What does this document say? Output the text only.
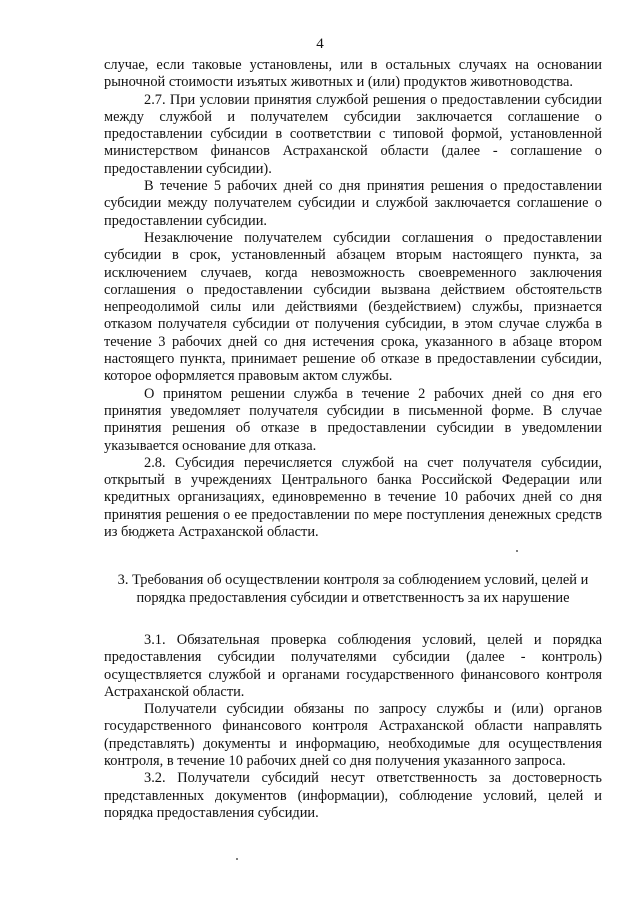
4

случае, если таковые установлены, или в остальных случаях на основании рыночной стоимости изъятых животных и (или) продуктов животноводства.

2.7. При условии принятия службой решения о предоставлении субсидии между службой и получателем субсидии заключается соглашение о предоставлении субсидии в соответствии с типовой формой, установленной министерством финансов Астраханской области (далее - соглашение о предоставлении субсидии).

В течение 5 рабочих дней со дня принятия решения о предоставлении субсидии между получателем субсидии и службой заключается соглашение о предоставлении субсидии.

Незаключение получателем субсидии соглашения о предоставлении субсидии в срок, установленный абзацем вторым настоящего пункта, за исключением случаев, когда невозможность своевременного заключения соглашения о предоставлении субсидии вызвана действием обстоятельств непреодолимой силы или действиями (бездействием) службы, признается отказом получателя субсидии от получения субсидии, в этом случае служба в течение 3 рабочих дней со дня истечения срока, указанного в абзаце втором настоящего пункта, принимает решение об отказе в предоставлении субсидии, которое оформляется правовым актом службы.

О принятом решении служба в течение 2 рабочих дней со дня его принятия уведомляет получателя субсидии в письменной форме. В случае принятия решения об отказе в предоставлении субсидии в уведомлении указывается основание для отказа.

2.8. Субсидия перечисляется службой на счет получателя субсидии, открытый в учреждениях Центрального банка Российской Федерации или кредитных организациях, единовременно в течение 10 рабочих дней со дня принятия решения о ее предоставлении по мере поступления денежных средств из бюджета Астраханской области.

3. Требования об осуществлении контроля за соблюдением условий, целей и порядка предоставления субсидии и ответственностъ за их нарушение

3.1. Обязательная проверка соблюдения условий, целей и порядка предоставления субсидии получателями субсидии (далее - контроль) осуществляется службой и органами государственного финансового контроля Астраханской области.

Получатели субсидии обязаны по запросу службы и (или) органов государственного финансового контроля Астраханской области направлять (представлять) документы и информацию, необходимые для осуществления контроля, в течение 10 рабочих дней со дня получения указанного запроса.

3.2. Получатели субсидий несут ответственность за достоверность представленных документов (информации), соблюдение условий, целей и порядка предоставления субсидии.
